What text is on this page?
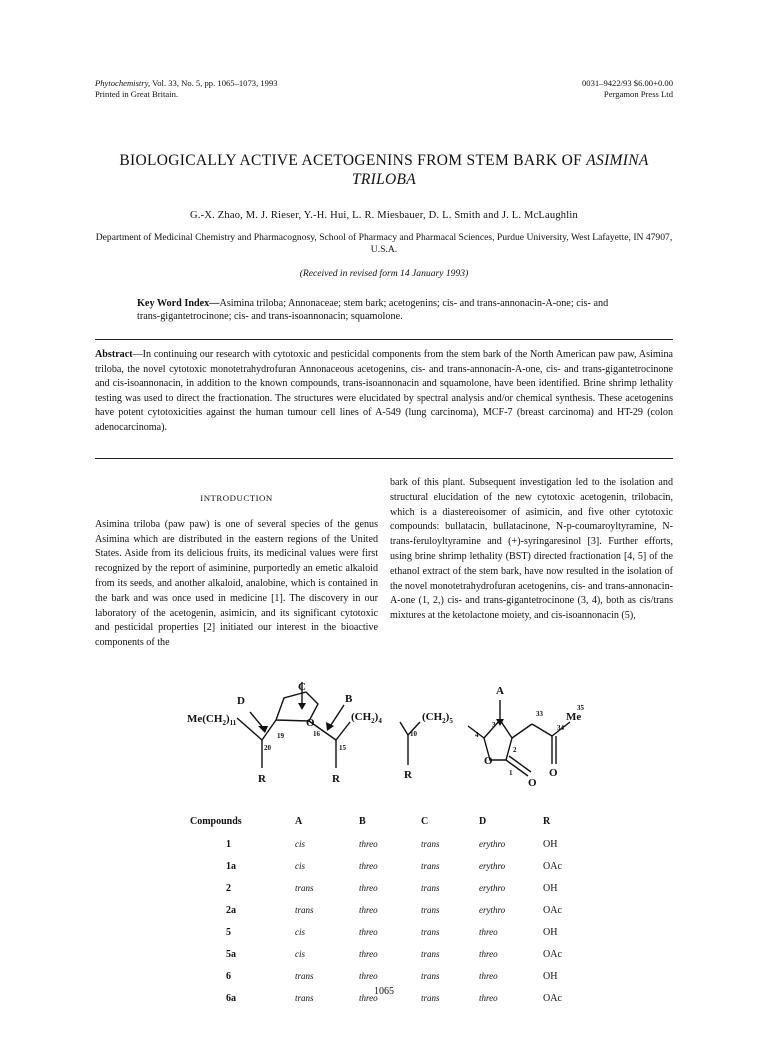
Phytochemistry, Vol. 33, No. 5, pp. 1065–1073, 1993
Printed in Great Britain.
0031–9422/93 $6.00+0.00
Pergamon Press Ltd
BIOLOGICALLY ACTIVE ACETOGENINS FROM STEM BARK OF ASIMINA
TRILOBA
G.-X. Zhao, M. J. Rieser, Y.-H. Hui, L. R. Miesbauer, D. L. Smith and J. L. McLaughlin
Department of Medicinal Chemistry and Pharmacognosy, School of Pharmacy and Pharmacal Sciences, Purdue University, West Lafayette, IN 47907, U.S.A.
(Received in revised form 14 January 1993)
Key Word Index—Asimina triloba; Annonaceae; stem bark; acetogenins; cis- and trans-annonacin-A-one; cis- and trans-gigantetrocinone; cis- and trans-isoannonacin; squamolone.
Abstract—In continuing our research with cytotoxic and pesticidal components from the stem bark of the North American paw paw, Asimina triloba, the novel cytotoxic monotetrahydrofuran Annonaceous acetogenins, cis- and trans-annonacin-A-one, cis- and trans-gigantetrocinone and cis-isoannonacin, in addition to the known compounds, trans-isoannonacin and squamolone, have been identified. Brine shrimp lethality testing was used to direct the fractionation. The structures were elucidated by spectral analysis and/or chemical synthesis. These acetogenins have potent cytotoxicities against the human tumour cell lines of A-549 (lung carcinoma), MCF-7 (breast carcinoma) and HT-29 (colon adenocarcinoma).
INTRODUCTION
Asimina triloba (paw paw) is one of several species of the genus Asimina which are distributed in the eastern regions of the United States. Aside from its delicious fruits, its medicinal values were first recognized by the report of asiminine, purportedly an emetic alkaloid from its seeds, and another alkaloid, analobine, which is contained in the bark and was once used in medicine [1]. The discovery in our laboratory of the acetogenin, asimicin, and its significant cytotoxic and pesticidal properties [2] initiated our interest in the bioactive components of the
bark of this plant. Subsequent investigation led to the isolation and structural elucidation of the new cytotoxic acetogenin, trilobacin, which is a diastereoisomer of asimicin, and five other cytotoxic compounds: bullatacin, bullatacinone, N-p-coumaroyltyramine, N-trans-feruloyltyramine and (+)-syringaresinol [3]. Further efforts, using brine shrimp lethality (BST) directed fractionation [4, 5] of the ethanol extract of the stem bark, have now resulted in the isolation of the novel monotetrahydrofuran acetogenins, cis- and trans-annonacin-A-one (1, 2,) cis- and trans-gigantetrocinone (3, 4), both as cis/trans mixtures at the ketolactone moiety, and cis-isoannonacin (5),
D
C
B
A
$Me(CH_2)_{11}$	$(CH_2)_4$	$(CH_2)_5$
O
O
O
O
Me
R	R	R
20
19	16
15
10	4
3
2
1
33
34
35
Compounds	A	B	C	D	R
1	cis	threo	trans	erythro	OH
1a	cis	threo	trans	erythro	OAc
2	trans	threo	trans	erythro	OH
2a	trans	threo	trans	erythro	OAc
5	cis	threo	trans	threo	OH
5a	cis	threo	trans	threo	OAc
6	trans	threo	trans	threo	OH
6a	trans	threo	trans	threo	OAc
1065
